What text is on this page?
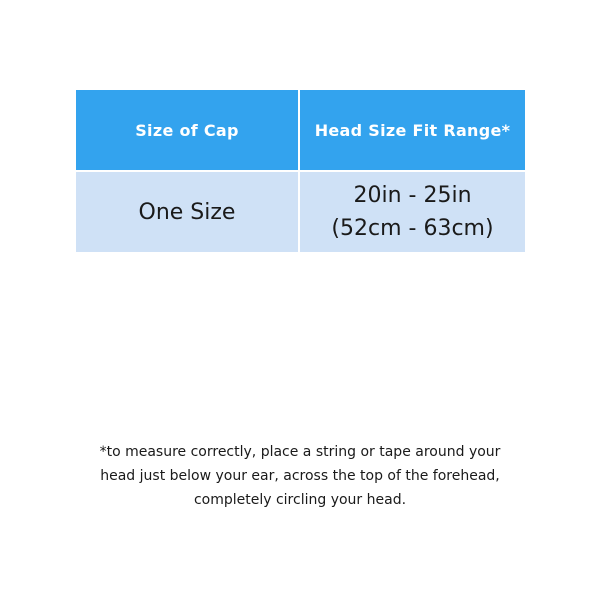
Size of Cap	Head Size Fit Range*
One Size	20in - 25in
(52cm - 63cm)
*to measure correctly, place a string or tape around your
head just below your ear, across the top of the forehead,
completely circling your head.
